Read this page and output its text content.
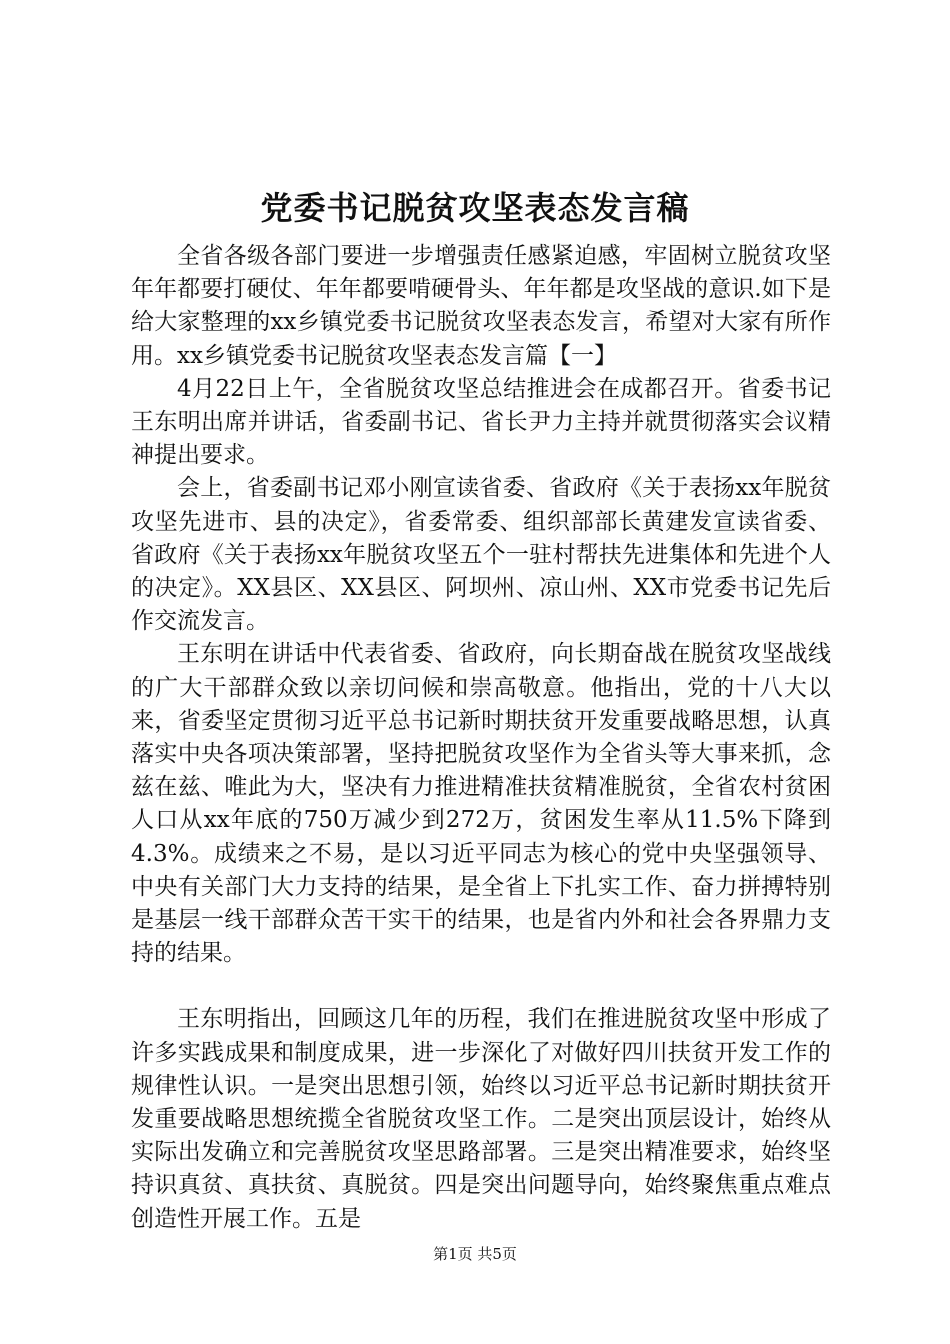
党委书记脱贫攻坚表态发言稿

全省各级各部门要进一步增强责任感紧迫感，牢固树立脱贫攻坚年年都要打硬仗、年年都要啃硬骨头、年年都是攻坚战的意识.如下是给大家整理的xx乡镇党委书记脱贫攻坚表态发言，希望对大家有所作用。xx乡镇党委书记脱贫攻坚表态发言篇【一】

4月22日上午，全省脱贫攻坚总结推进会在成都召开。省委书记王东明出席并讲话，省委副书记、省长尹力主持并就贯彻落实会议精神提出要求。

会上，省委副书记邓小刚宣读省委、省政府《关于表扬xx年脱贫攻坚先进市、县的决定》，省委常委、组织部部长黄建发宣读省委、省政府《关于表扬xx年脱贫攻坚五个一驻村帮扶先进集体和先进个人的决定》。XX县区、XX县区、阿坝州、凉山州、XX市党委书记先后作交流发言。

王东明在讲话中代表省委、省政府，向长期奋战在脱贫攻坚战线的广大干部群众致以亲切问候和崇高敬意。他指出，党的十八大以来，省委坚定贯彻习近平总书记新时期扶贫开发重要战略思想，认真落实中央各项决策部署，坚持把脱贫攻坚作为全省头等大事来抓，念兹在兹、唯此为大，坚决有力推进精准扶贫精准脱贫，全省农村贫困人口从xx年底的750万减少到272万，贫困发生率从11.5%下降到4.3%。成绩来之不易，是以习近平同志为核心的党中央坚强领导、中央有关部门大力支持的结果，是全省上下扎实工作、奋力拼搏特别是基层一线干部群众苦干实干的结果，也是省内外和社会各界鼎力支持的结果。

王东明指出，回顾这几年的历程，我们在推进脱贫攻坚中形成了许多实践成果和制度成果，进一步深化了对做好四川扶贫开发工作的规律性认识。一是突出思想引领，始终以习近平总书记新时期扶贫开发重要战略思想统揽全省脱贫攻坚工作。二是突出顶层设计，始终从实际出发确立和完善脱贫攻坚思路部署。三是突出精准要求，始终坚持识真贫、真扶贫、真脱贫。四是突出问题导向，始终聚焦重点难点创造性开展工作。五是

第1页 共5页
